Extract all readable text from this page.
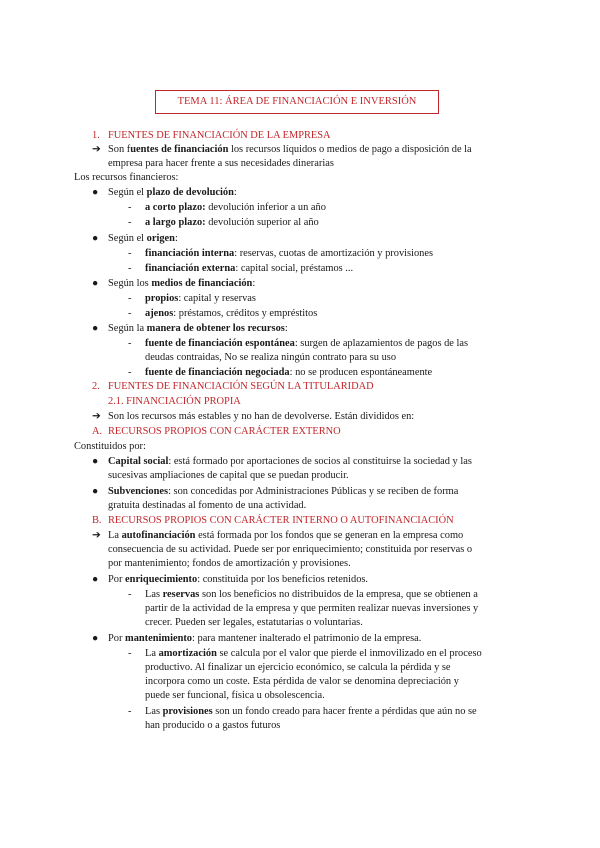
TEMA 11: ÁREA DE FINANCIACIÓN E INVERSIÓN
1. FUENTES DE FINANCIACIÓN DE LA EMPRESA
➔ Son fuentes de financiación los recursos líquidos o medios de pago a disposición de la
empresa para hacer frente a sus necesidades dinerarias
Los recursos financieros:
● Según el plazo de devolución:
- a corto plazo: devolución inferior a un año
- a largo plazo: devolución superior al año
● Según el origen:
- financiación interna: reservas, cuotas de amortización y provisiones
- financiación externa: capital social, préstamos ...
● Según los medios de financiación:
- propios: capital y reservas
- ajenos: préstamos, créditos y empréstitos
● Según la manera de obtener los recursos:
- fuente de financiación espontánea: surgen de aplazamientos de pagos de las
deudas contraidas, No se realiza ningún contrato para su uso
- fuente de financiación negociada: no se producen espontáneamente
2. FUENTES DE FINANCIACIÓN SEGÚN LA TITULARIDAD
2.1. FINANCIACIÓN PROPIA
➔ Son los recursos más estables y no han de devolverse. Están divididos en:
A. RECURSOS PROPIOS CON CARÁCTER EXTERNO
Constituidos por:
● Capital social: está formado por aportaciones de socios al constituirse la sociedad y las
sucesivas ampliaciones de capital que se puedan producir.
● Subvenciones: son concedidas por Administraciones Públicas y se reciben de forma
gratuita destinadas al fomento de una actividad.
B. RECURSOS PROPIOS CON CARÁCTER INTERNO O AUTOFINANCIACIÓN
➔ La autofinanciación está formada por los fondos que se generan en la empresa como
consecuencia de su actividad. Puede ser por enriquecimiento; constituida por reservas o
por mantenimiento; fondos de amortización y provisiones.
● Por enriquecimiento: constituida por los beneficios retenidos.
- Las reservas son los beneficios no distribuidos de la empresa, que se obtienen a
partir de la actividad de la empresa y que permiten realizar nuevas inversiones y
crecer. Pueden ser legales, estatutarias o voluntarias.
● Por mantenimiento: para mantener inalterado el patrimonio de la empresa.
- La amortización se calcula por el valor que pierde el inmovilizado en el proceso
productivo. Al finalizar un ejercicio económico, se calcula la pérdida y se
incorpora como un coste. Esta pérdida de valor se denomina depreciación y
puede ser funcional, física u obsolescencia.
- Las provisiones son un fondo creado para hacer frente a pérdidas que aún no se
han producido o a gastos futuros
